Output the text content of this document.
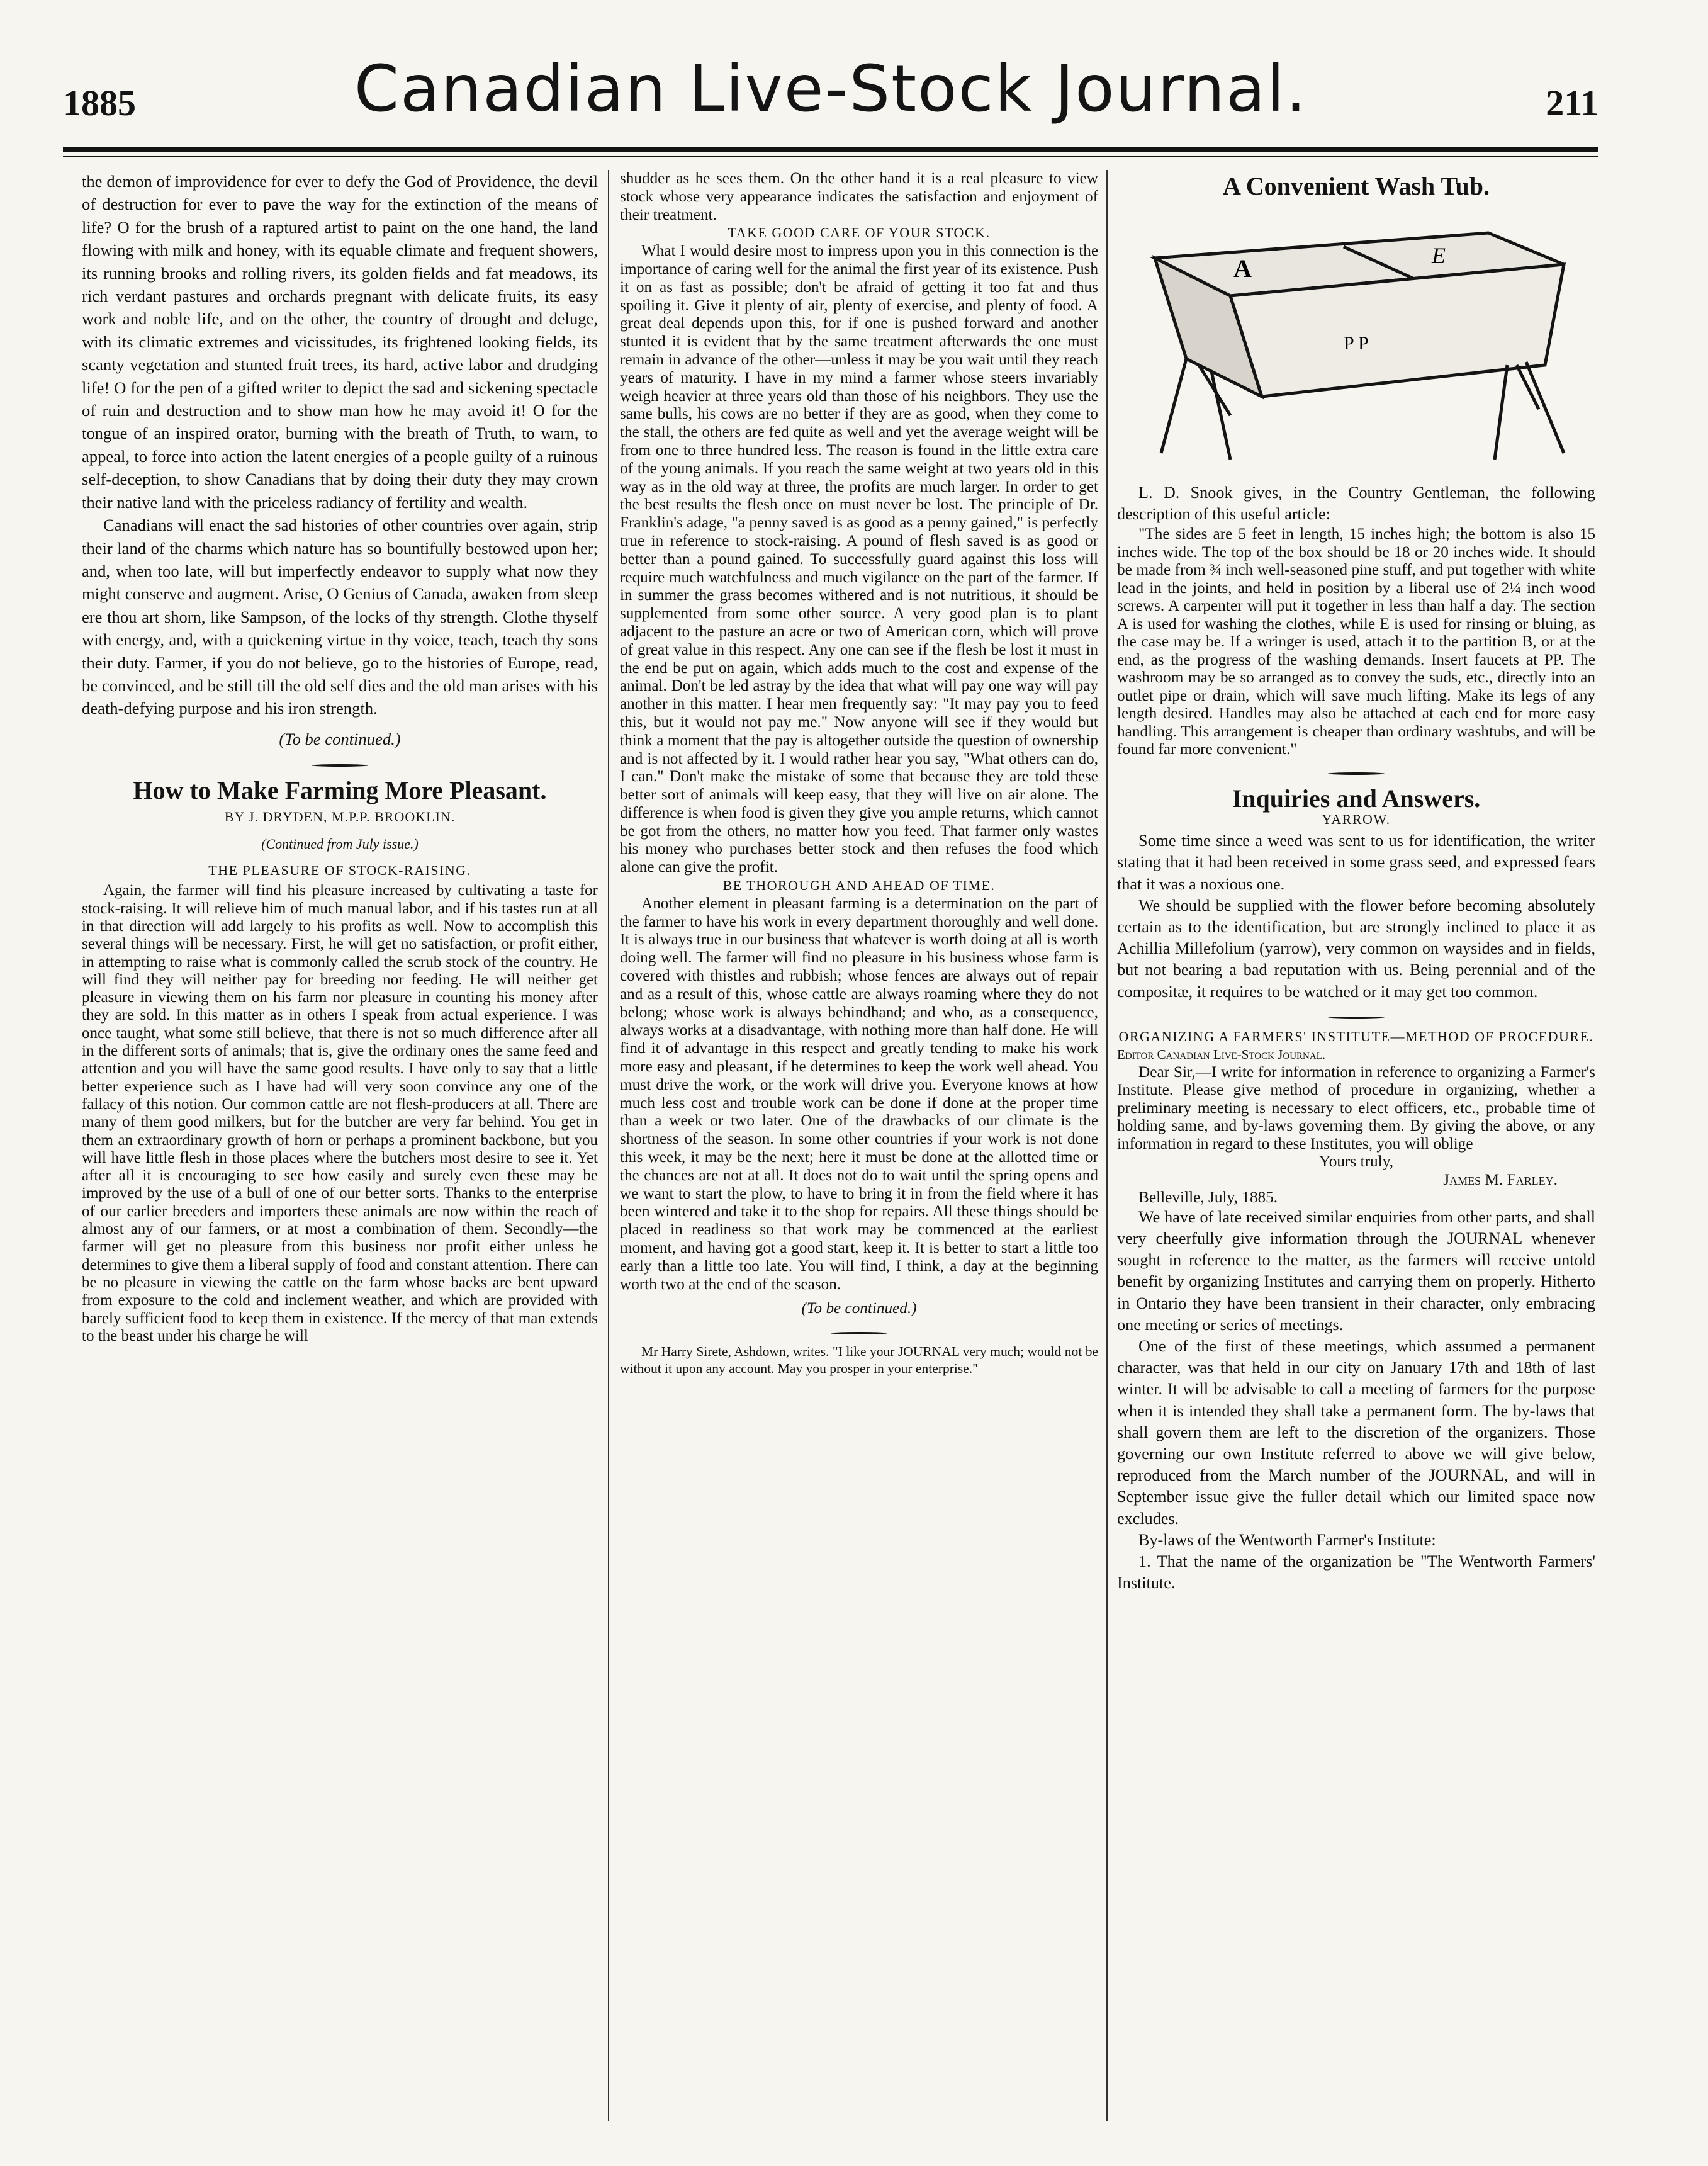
1885	Canadian Live-Stock Journal.	211

the demon of improvidence for ever to defy the God of Providence, the devil of destruction for ever to pave the way for the extinction of the means of life? O for the brush of a raptured artist to paint on the one hand, the land flowing with milk and honey, with its equable climate and frequent showers, its running brooks and rolling rivers, its golden fields and fat meadows, its rich verdant pastures and orchards pregnant with delicate fruits, its easy work and noble life, and on the other, the country of drought and deluge, with its climatic extremes and vicissitudes, its frightened looking fields, its scanty vegetation and stunted fruit trees, its hard, active labor and drudging life! O for the pen of a gifted writer to depict the sad and sickening spectacle of ruin and destruction and to show man how he may avoid it! O for the tongue of an inspired orator, burning with the breath of Truth, to warn, to appeal, to force into action the latent energies of a people guilty of a ruinous self-deception, to show Canadians that by doing their duty they may crown their native land with the priceless radiancy of fertility and wealth.

Canadians will enact the sad histories of other countries over again, strip their land of the charms which nature has so bountifully bestowed upon her; and, when too late, will but imperfectly endeavor to supply what now they might conserve and augment. Arise, O Genius of Canada, awaken from sleep ere thou art shorn, like Sampson, of the locks of thy strength. Clothe thyself with energy, and, with a quickening virtue in thy voice, teach, teach thy sons their duty. Farmer, if you do not believe, go to the histories of Europe, read, be convinced, and be still till the old self dies and the old man arises with his death-defying purpose and his iron strength.

(To be continued.)

How to Make Farming More Pleasant.

BY J. DRYDEN, M.P.P. BROOKLIN.

(Continued from July issue.)

THE PLEASURE OF STOCK-RAISING.

Again, the farmer will find his pleasure increased by cultivating a taste for stock-raising. It will relieve him of much manual labor, and if his tastes run at all in that direction will add largely to his profits as well. Now to accomplish this several things will be necessary. First, he will get no satisfaction, or profit either, in attempting to raise what is commonly called the scrub stock of the country. He will find they will neither pay for breeding nor feeding. He will neither get pleasure in viewing them on his farm nor pleasure in counting his money after they are sold. In this matter as in others I speak from actual experience. I was once taught, what some still believe, that there is not so much difference after all in the different sorts of animals; that is, give the ordinary ones the same feed and attention and you will have the same good results. I have only to say that a little better experience such as I have had will very soon convince any one of the fallacy of this notion. Our common cattle are not flesh-producers at all. There are many of them good milkers, but for the butcher are very far behind. You get in them an extraordinary growth of horn or perhaps a prominent backbone, but you will have little flesh in those places where the butchers most desire to see it. Yet after all it is encouraging to see how easily and surely even these may be improved by the use of a bull of one of our better sorts. Thanks to the enterprise of our earlier breeders and importers these animals are now within the reach of almost any of our farmers, or at most a combination of them. Secondly—the farmer will get no pleasure from this business nor profit either unless he determines to give them a liberal supply of food and constant attention. There can be no pleasure in viewing the cattle on the farm whose backs are bent upward from exposure to the cold and inclement weather, and which are provided with barely sufficient food to keep them in existence. If the mercy of that man extends to the beast under his charge he will

shudder as he sees them. On the other hand it is a real pleasure to view stock whose very appearance indicates the satisfaction and enjoyment of their treatment.

TAKE GOOD CARE OF YOUR STOCK.

What I would desire most to impress upon you in this connection is the importance of caring well for the animal the first year of its existence. Push it on as fast as possible; don't be afraid of getting it too fat and thus spoiling it. Give it plenty of air, plenty of exercise, and plenty of food. A great deal depends upon this, for if one is pushed forward and another stunted it is evident that by the same treatment afterwards the one must remain in advance of the other—unless it may be you wait until they reach years of maturity. I have in my mind a farmer whose steers invariably weigh heavier at three years old than those of his neighbors. They use the same bulls, his cows are no better if they are as good, when they come to the stall, the others are fed quite as well and yet the average weight will be from one to three hundred less. The reason is found in the little extra care of the young animals. If you reach the same weight at two years old in this way as in the old way at three, the profits are much larger. In order to get the best results the flesh once on must never be lost. The principle of Dr. Franklin's adage, "a penny saved is as good as a penny gained," is perfectly true in reference to stock-raising. A pound of flesh saved is as good or better than a pound gained. To successfully guard against this loss will require much watchfulness and much vigilance on the part of the farmer. If in summer the grass becomes withered and is not nutritious, it should be supplemented from some other source. A very good plan is to plant adjacent to the pasture an acre or two of American corn, which will prove of great value in this respect. Any one can see if the flesh be lost it must in the end be put on again, which adds much to the cost and expense of the animal. Don't be led astray by the idea that what will pay one way will pay another in this matter. I hear men frequently say: "It may pay you to feed this, but it would not pay me." Now anyone will see if they would but think a moment that the pay is altogether outside the question of ownership and is not affected by it. I would rather hear you say, "What others can do, I can." Don't make the mistake of some that because they are told these better sort of animals will keep easy, that they will live on air alone. The difference is when food is given they give you ample returns, which cannot be got from the others, no matter how you feed. That farmer only wastes his money who purchases better stock and then refuses the food which alone can give the profit.

BE THOROUGH AND AHEAD OF TIME.

Another element in pleasant farming is a determination on the part of the farmer to have his work in every department thoroughly and well done. It is always true in our business that whatever is worth doing at all is worth doing well. The farmer will find no pleasure in his business whose farm is covered with thistles and rubbish; whose fences are always out of repair and as a result of this, whose cattle are always roaming where they do not belong; whose work is always behindhand; and who, as a consequence, always works at a disadvantage, with nothing more than half done. He will find it of advantage in this respect and greatly tending to make his work more easy and pleasant, if he determines to keep the work well ahead. You must drive the work, or the work will drive you. Everyone knows at how much less cost and trouble work can be done if done at the proper time than a week or two later. One of the drawbacks of our climate is the shortness of the season. In some other countries if your work is not done this week, it may be the next; here it must be done at the allotted time or the chances are not at all. It does not do to wait until the spring opens and we want to start the plow, to have to bring it in from the field where it has been wintered and take it to the shop for repairs. All these things should be placed in readiness so that work may be commenced at the earliest moment, and having got a good start, keep it. It is better to start a little too early than a little too late. You will find, I think, a day at the beginning worth two at the end of the season.

(To be continued.)

Mr Harry Sirete, Ashdown, writes. "I like your JOURNAL very much; would not be without it upon any account. May you prosper in your enterprise."

A Convenient Wash Tub.

A	E
P P

L. D. Snook gives, in the Country Gentleman, the following description of this useful article:

"The sides are 5 feet in length, 15 inches high; the bottom is also 15 inches wide. The top of the box should be 18 or 20 inches wide. It should be made from ¾ inch well-seasoned pine stuff, and put together with white lead in the joints, and held in position by a liberal use of 2¼ inch wood screws. A carpenter will put it together in less than half a day. The section A is used for washing the clothes, while E is used for rinsing or bluing, as the case may be. If a wringer is used, attach it to the partition B, or at the end, as the progress of the washing demands. Insert faucets at PP. The washroom may be so arranged as to convey the suds, etc., directly into an outlet pipe or drain, which will save much lifting. Make its legs of any length desired. Handles may also be attached at each end for more easy handling. This arrangement is cheaper than ordinary washtubs, and will be found far more convenient."

Inquiries and Answers.

YARROW.

Some time since a weed was sent to us for identification, the writer stating that it had been received in some grass seed, and expressed fears that it was a noxious one.

We should be supplied with the flower before becoming absolutely certain as to the identification, but are strongly inclined to place it as Achillia Millefolium (yarrow), very common on waysides and in fields, but not bearing a bad reputation with us. Being perennial and of the compositæ, it requires to be watched or it may get too common.

ORGANIZING A FARMERS' INSTITUTE—METHOD OF PROCEDURE.

Editor Canadian Live-Stock Journal.

Dear Sir,—I write for information in reference to organizing a Farmer's Institute. Please give method of procedure in organizing, whether a preliminary meeting is necessary to elect officers, etc., probable time of holding same, and by-laws governing them. By giving the above, or any information in regard to these Institutes, you will oblige

Yours truly,

James M. Farley.

Belleville, July, 1885.

We have of late received similar enquiries from other parts, and shall very cheerfully give information through the JOURNAL whenever sought in reference to the matter, as the farmers will receive untold benefit by organizing Institutes and carrying them on properly. Hitherto in Ontario they have been transient in their character, only embracing one meeting or series of meetings.

One of the first of these meetings, which assumed a permanent character, was that held in our city on January 17th and 18th of last winter. It will be advisable to call a meeting of farmers for the purpose when it is intended they shall take a permanent form. The by-laws that shall govern them are left to the discretion of the organizers. Those governing our own Institute referred to above we will give below, reproduced from the March number of the JOURNAL, and will in September issue give the fuller detail which our limited space now excludes.

By-laws of the Wentworth Farmer's Institute:

1. That the name of the organization be "The Wentworth Farmers' Institute.
